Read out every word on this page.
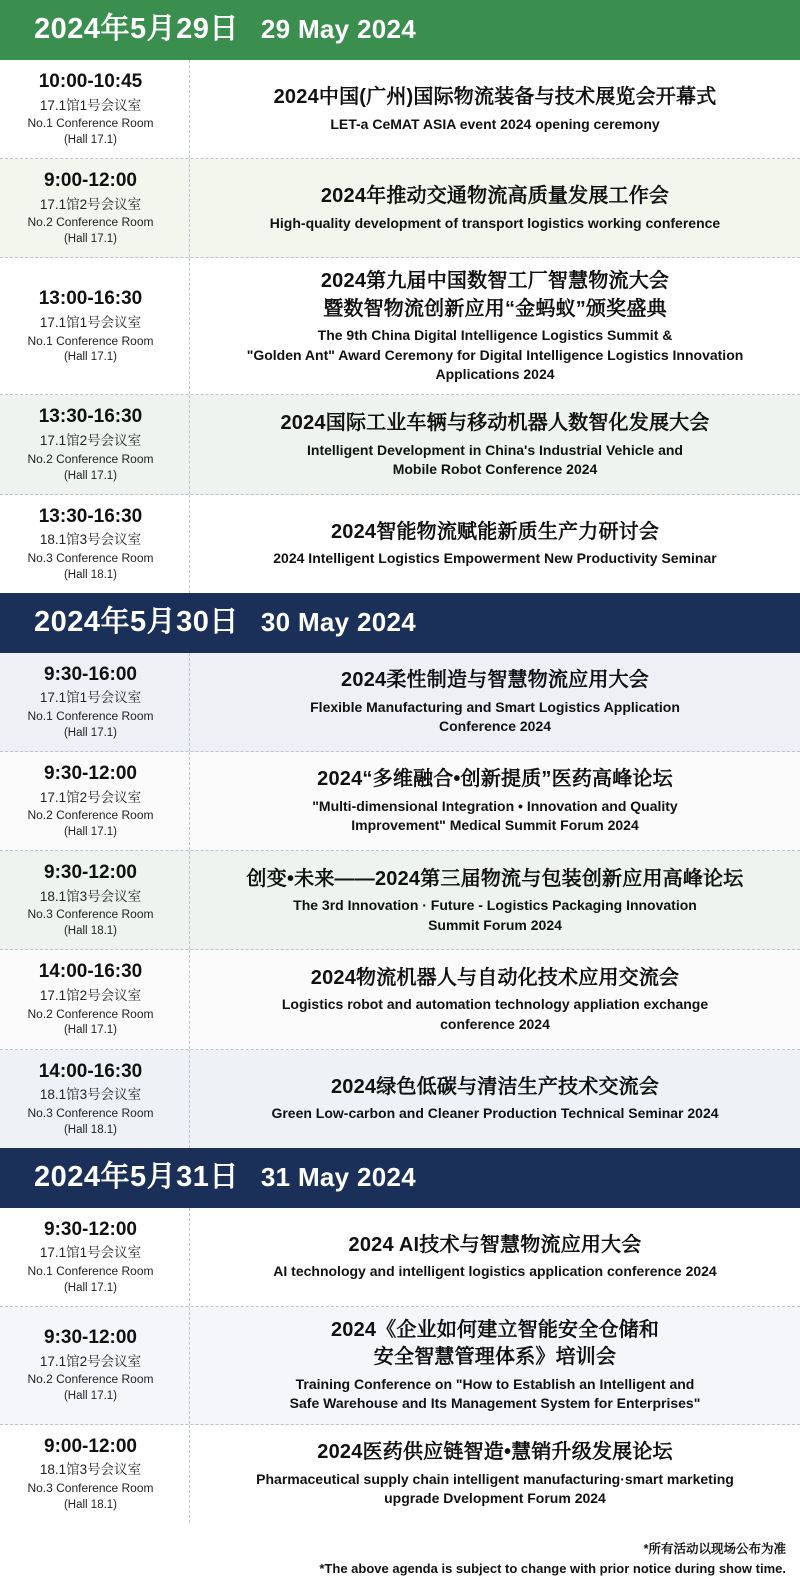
2024年5月29日 29 May 2024
10:00-10:45
17.1馆1号会议室
No.1 Conference Room
(Hall 17.1)
2024中国(广州)国际物流装备与技术展览会开幕式
LET-a CeMAT ASIA event 2024 opening ceremony
9:00-12:00
17.1馆2号会议室
No.2 Conference Room
(Hall 17.1)
2024年推动交通物流高质量发展工作会
High-quality development of transport logistics working conference
13:00-16:30
17.1馆1号会议室
No.1 Conference Room
(Hall 17.1)
2024第九届中国数智工厂智慧物流大会
暨数智物流创新应用“金蚂蚁”颁奖盛典
The 9th China Digital Intelligence Logistics Summit &
"Golden Ant" Award Ceremony for Digital Intelligence Logistics Innovation
Applications 2024
13:30-16:30
17.1馆2号会议室
No.2 Conference Room
(Hall 17.1)
2024国际工业车辆与移动机器人数智化发展大会
Intelligent Development in China's Industrial Vehicle and
Mobile Robot Conference 2024
13:30-16:30
18.1馆3号会议室
No.3 Conference Room
(Hall 18.1)
2024智能物流赋能新质生产力研讨会
2024 Intelligent Logistics Empowerment New Productivity Seminar
2024年5月30日 30 May 2024
9:30-16:00
17.1馆1号会议室
No.1 Conference Room
(Hall 17.1)
2024柔性制造与智慧物流应用大会
Flexible Manufacturing and Smart Logistics Application
Conference 2024
9:30-12:00
17.1馆2号会议室
No.2 Conference Room
(Hall 17.1)
2024“多维融合•创新提质”医药高峰论坛
"Multi-dimensional Integration • Innovation and Quality
Improvement" Medical Summit Forum 2024
9:30-12:00
18.1馆3号会议室
No.3 Conference Room
(Hall 18.1)
创变•未来——2024第三届物流与包装创新应用高峰论坛
The 3rd Innovation · Future - Logistics Packaging Innovation
Summit Forum 2024
14:00-16:30
17.1馆2号会议室
No.2 Conference Room
(Hall 17.1)
2024物流机器人与自动化技术应用交流会
Logistics robot and automation technology appliation exchange
conference 2024
14:00-16:30
18.1馆3号会议室
No.3 Conference Room
(Hall 18.1)
2024绿色低碳与清洁生产技术交流会
Green Low-carbon and Cleaner Production Technical Seminar 2024
2024年5月31日 31 May 2024
9:30-12:00
17.1馆1号会议室
No.1 Conference Room
(Hall 17.1)
2024 AI技术与智慧物流应用大会
AI technology and intelligent logistics application conference 2024
9:30-12:00
17.1馆2号会议室
No.2 Conference Room
(Hall 17.1)
2024《企业如何建立智能安全仓储和
安全智慧管理体系》培训会
Training Conference on "How to Establish an Intelligent and
Safe Warehouse and Its Management System for Enterprises"
9:00-12:00
18.1馆3号会议室
No.3 Conference Room
(Hall 18.1)
2024医药供应链智造•慧销升级发展论坛
Pharmaceutical supply chain intelligent manufacturing·smart marketing
upgrade Dvelopment Forum 2024
*所有活动以现场公布为准
*The above agenda is subject to change with prior notice during show time.
